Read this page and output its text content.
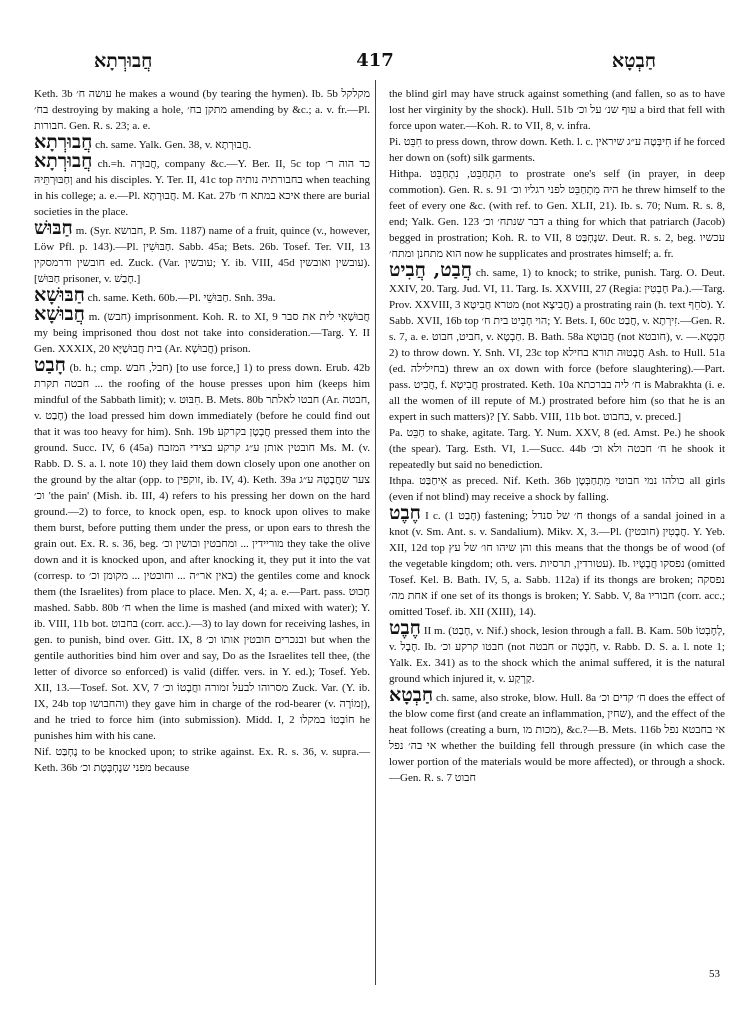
חֲבוּרְתָא	417	חַבְטָא

Keth. 3b עושה ח׳ he makes a wound (by tearing the hymen). Ib. 5b מקלקל בח׳ destroying by making a hole, מתקן בח׳ amending by &c.; a. v. fr.—Pl. חבורות. Gen. R. s. 23; a. e.

חֲבוּרְתָא ch. same. Yalk. Gen. 38, v. חֲבוּרְתָא.

חֲבוּרְתָא ch.=h. חֲבוּרָה, company &c.—Y. Ber. II, 5c top כד הוה ר׳ וְחַבּוּרְתֵּיהּ and his disciples. Y. Ter. II, 41c top בחבורתיה נותיה when teaching in his college; a. e.—Pl. חֲבוּרָתָא. M. Kat. 27b איכא במתא ח׳ there are burial societies in the place.

חַבּוּשׁ m. (Syr. חבושא, P. Sm. 1187) name of a fruit, quince (v., however, Löw Pfl. p. 143).—Pl. חַבּוּשִׁין. Sabb. 45a; Bets. 26b. Tosef. Ter. VII, 13 חובשין ודרמסקין ed. Zuck. (Var. עובשין; Y. ib. VIII, 45d עובשין ואובשין). [חַבּוּשׁ prisoner, v. חָבַשׁ.]

חַבּוּשָׁא ch. same. Keth. 60b.—Pl. חַבּוּשֵׁי. Snh. 39a.

חֲבוּשָׁא m. (חבש) imprisonment. Koh. R. to XI, 9 חֲבוּשָׁאִי לית את סבר my being imprisoned thou dost not take into consideration.—Targ. Y. II Gen. XXXIX, 20 בית חֲבוּשַׁיָּא (Ar. חֲבוּשָׁא) prison.

חָבַט (b. h.; cmp. חבל, חבש) [to use force,] 1) to press down. Erub. 42b חבטה תקרת ... the roofing of the house presses upon him (keeps him mindful of the Sabbath limit); v. חִבּוּט. B. Mets. 80b חבטו לאלתר (Ar. חבטה, v. חָבַט) the load pressed him down immediately (before he could find out that it was too heavy for him). Snh. 19b חֲבָטָן בקרקע pressed them into the ground. Succ. IV, 6 (45a) חובטין אותן ע״ג קרקע בצידי המזבח Ms. M. (v. Rabb. D. S. a. l. note 10) they laid them down closely upon one another on the ground by the altar (opp. to זוקפין, ib. IV, 4). Keth. 39a צער שחֲבָטָהּ ע״ג וכ׳ 'the pain' (Mish. ib. III, 4) refers to his pressing her down on the hard ground.—2) to force, to knock open, esp. to knock upon olives to make them burst, before putting them under the press, or upon ears to thresh the grain out. Ex. R. s. 36, beg. מוריידין ... ומחבטין ובושין וכ׳ they take the olive down and it is knocked upon, and after knocking it, they put it into the vat (corresp. to באין אר״ה ... וחובטין ... מקומן וכ׳) the gentiles come and knock them (the Israelites) from place to place. Men. X, 4; a. e.—Part. pass. חָבוּט mashed. Sabb. 80b ח׳ when the lime is mashed (and mixed with water); Y. ib. VIII, 11b bot. בחבוט (corr. acc.).—3) to lay down for receiving lashes, in gen. to punish, bind over. Gitt. IX, 8 ובנכרים חובטין אותו וכ׳ but when the gentile authorities bind him over and say, Do as the Israelites tell thee, (the letter of divorce so enforced) is valid (differ. vers. in Y. ed.); Tosef. Yeb. XII, 13.—Tosef. Sot. XV, 7 מסרוהו לבעל זמורה וחֲבָטוֹ וכ׳ Zuck. Var. (Y. ib. IX, 24b top והחבושו) they gave him in charge of the rod-bearer (v. זְמוֹרָה), and he tried to force him (into submission). Midd. I, 2 חוֹבְטוֹ במקלו he punishes him with his cane.

Nif. נֶחְבַּט to be knocked upon; to strike against. Ex. R. s. 36, v. supra.—Keth. 36b מפני שנֶחְבֶּטֶת וכ׳ because

the blind girl may have struck against something (and fallen, so as to have lost her virginity by the shock). Hull. 51b עוף שנ׳ על וכ׳ a bird that fell with force upon water.—Koh. R. to VII, 8, v. infra.

Pi. חִבֵּט to press down, throw down. Keth. l. c. חִיבְּטָה ע״ג שיראין if he forced her down on (soft) silk garments.

Hithpa. הִתְחַבֵּט, נִתְחַבֵּט to prostrate one's self (in prayer, in deep commotion). Gen. R. s. 91 היה מִתְחַבֵּט לפני רגליו וכ׳ he threw himself to the feet of every one &c. (with ref. to Gen. XLII, 21). Ib. s. 70; Num. R. s. 8, end; Yalk. Gen. 123 דבר שנתח׳ וכ׳ a thing for which that patriarch (Jacob) begged in prostration; Koh. R. to VII, 8 שנֶחְבַּט. Deut. R. s. 2, beg. עכשיו הוא מתחנן ומתח׳ now he supplicates and prostrates himself; a. fr.

חֲבַט, חֲבִיט ch. same, 1) to knock; to strike, punish. Targ. O. Deut. XXIV, 20. Targ. Jud. VI, 11. Targ. Is. XXVIII, 27 (Regia: חָבְטִין Pa.).—Targ. Prov. XXVIII, 3 מטרא חֲבִיטָא (not חֲבִיצָא) a prostrating rain (h. text סֹחֵף). Y. Sabb. XVII, 16b top הוי חָבֵיט בית ח׳; Y. Bets. I, 60c חֲבַט, v. זִירְתָא.—Gen. R. s. 7, a. e. חביט, חבוט, v. חַבְטָא. B. Bath. 58a חֲבוּטָא (not חובטא), v. חַבְטָא.—2) to throw down. Y. Snh. VI, 23c top חֲבָטוּה תורא בחילא Ash. to Hull. 51a (ed. בחילילה) threw an ox down with force (before slaughtering).—Part. pass. חֲבִיט, f. חֲבִיטָא prostrated. Keth. 10a ח׳ ליה בברכתא is Mabrakhta (i. e. all the women of ill repute of M.) prostrated before him (so that he is an expert in such matters)? [Y. Sabb. VIII, 11b bot. בחבוט, v. preced.]

Pa. חַבֵּט to shake, agitate. Targ. Y. Num. XXV, 8 (ed. Amst. Pe.) he shook (the spear). Targ. Esth. VI, 1.—Succ. 44b ח׳ חבטה ולא וכ׳ he shook it repeatedly but said no benediction.

Ithpa. אִיחַבַּט as preced. Nif. Keth. 36b כולהו נמי חבוטי מִתְחַבְּטָן all girls (even if not blind) may receive a shock by falling.

חֶבֶט I c. (חָבַט 1) fastening; ח׳ של סנדל thongs of a sandal joined in a knot (v. Sm. Ant. s. v. Sandalium). Mikv. X, 3.—Pl. חֲבָטִין (חובטין). Y. Yeb. XII, 12d top והן שיהו חו׳ של עץ this means that the thongs be of wood (of the vegetable kingdom; oth. vers. עטורדין, תרסיות). Ib. נפסקו חֲבָטָיו (omitted Tosef. Kel. B. Bath. IV, 5, a. Sabb. 112a) if its thongs are broken; נפסקה אחת מה׳ if one set of its thongs is broken; Y. Sabb. V, 8a חבוריו (corr. acc.; omitted Tosef. ib. XII (XIII), 14).

חֶבֶט II m. (חָבַט, v. Nif.) shock, lesion through a fall. B. Kam. 50b לְחֶבְטוֹ, v. חֶבֶל. Ib. חבטו קרקע וכ׳ (not חבטה or חִבְטָה, v. Rabb. D. S. a. l. note 1; Yalk. Ex. 341) as to the shock which the animal suffered, it is the natural ground which injured it, v. קַרְקַע.

חַבְטָא ch. same, also stroke, blow. Hull. 8a ח׳ קדים וכ׳ does the effect of the blow come first (and create an inflammation, שחין), and the effect of the heat follows (creating a burn, מכות מו), &c.?—B. Mets. 116b אי בחבטא נפל אי בה׳ נפל whether the building fell through pressure (in which case the lower portion of the materials would be more affected), or through a shock.—Gen. R. s. 7 חבוט

53
